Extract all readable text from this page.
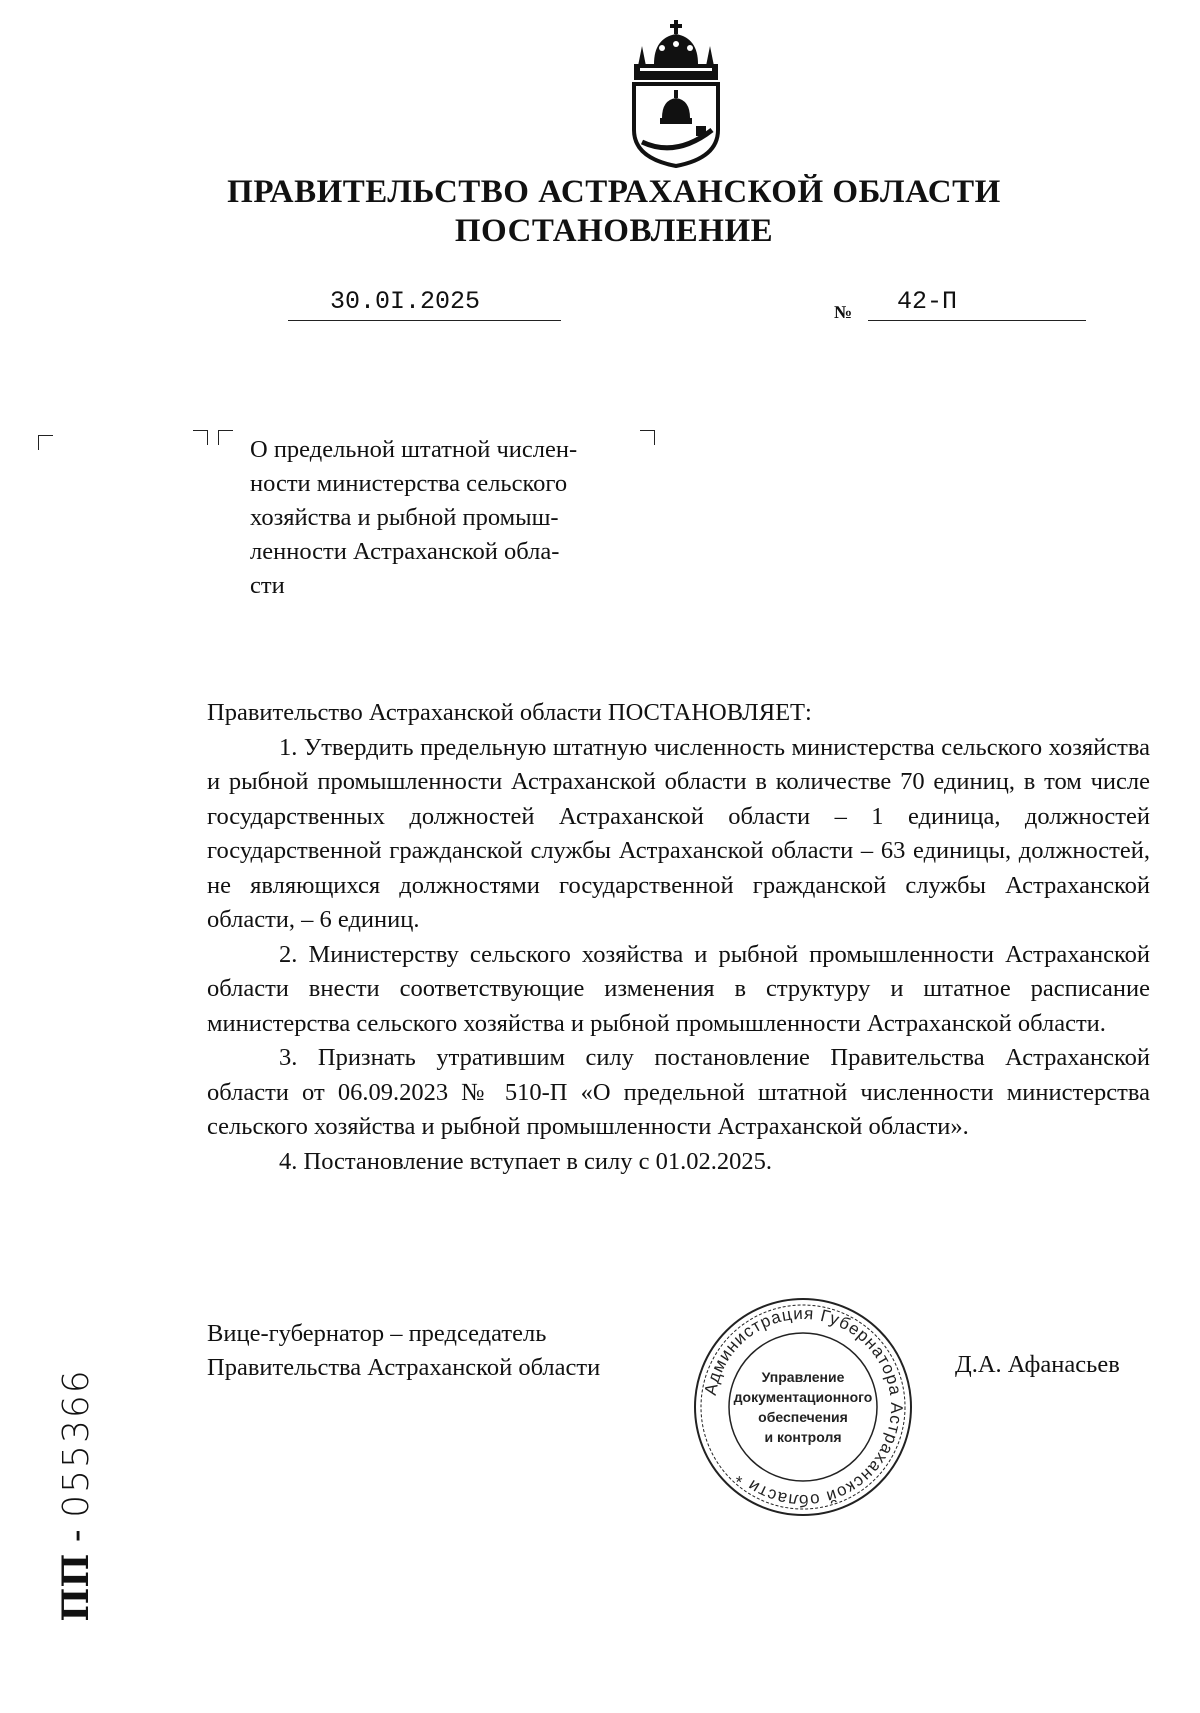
ПРАВИТЕЛЬСТВО АСТРАХАНСКОЙ ОБЛАСТИ
ПОСТАНОВЛЕНИЕ
30.0I.2025	№ 42-П
О предельной штатной числен-
ности министерства сельского
хозяйства и рыбной промыш-
ленности Астраханской обла-
сти

Правительство Астраханской области ПОСТАНОВЛЯЕТ:

1. Утвердить предельную штатную численность министерства сельского хозяйства и рыбной промышленности Астраханской области в количестве 70 единиц, в том числе государственных должностей Астраханской области – 1 единица, должностей государственной гражданской службы Астраханской области – 63 единицы, должностей, не являющихся должностями государственной гражданской службы Астраханской области, – 6 единиц.

2. Министерству сельского хозяйства и рыбной промышленности Астраханской области внести соответствующие изменения в структуру и штатное расписание министерства сельского хозяйства и рыбной промышленности Астраханской области.

3. Признать утратившим силу постановление Правительства Астраханской области от 06.09.2023 № 510-П «О предельной штатной численности министерства сельского хозяйства и рыбной промышленности Астраханской области».

4. Постановление вступает в силу с 01.02.2025.

Вице-губернатор – председатель
Правительства Астраханской области	Д.А. Афанасьев
Администрация Губернатора Астраханской области *
Управление
документационного
обеспечения
и контроля
ПП - 055366
